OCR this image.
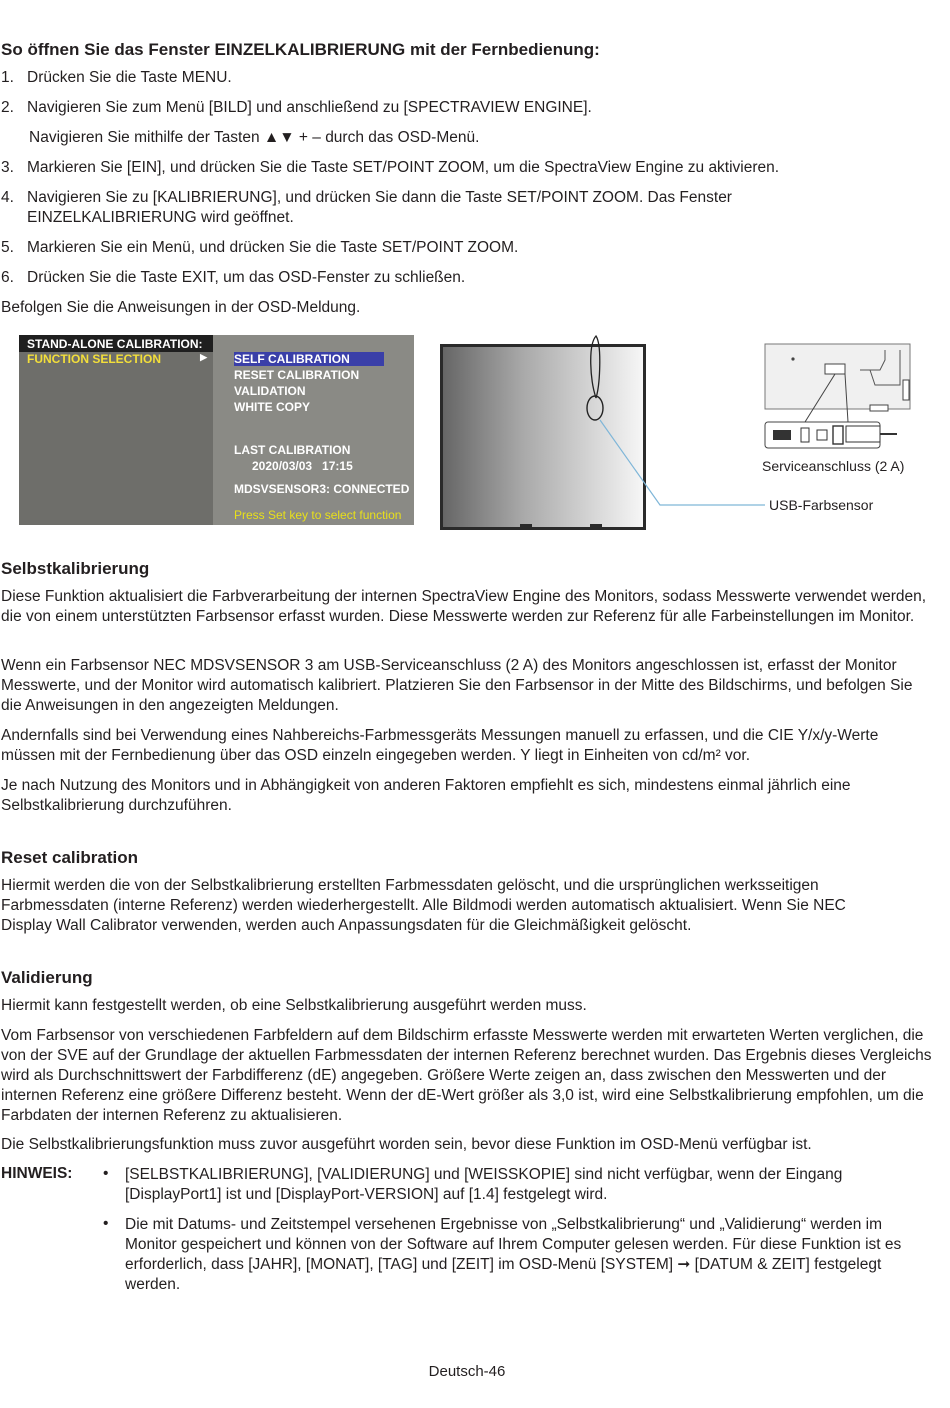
So öffnen Sie das Fenster EINZELKALIBRIERUNG mit der Fernbedienung:
1. Drücken Sie die Taste MENU.
2. Navigieren Sie zum Menü [BILD] und anschließend zu [SPECTRAVIEW ENGINE].
Navigieren Sie mithilfe der Tasten ▲▼ + – durch das OSD-Menü.
3. Markieren Sie [EIN], und drücken Sie die Taste SET/POINT ZOOM, um die SpectraView Engine zu aktivieren.
4. Navigieren Sie zu [KALIBRIERUNG], und drücken Sie dann die Taste SET/POINT ZOOM. Das Fenster EINZELKALIBRIERUNG wird geöffnet.
5. Markieren Sie ein Menü, und drücken Sie die Taste SET/POINT ZOOM.
6. Drücken Sie die Taste EXIT, um das OSD-Fenster zu schließen.

Befolgen Sie die Anweisungen in der OSD-Meldung.

STAND-ALONE CALIBRATION:
FUNCTION SELECTION	▶ SELF CALIBRATION
RESET CALIBRATION
VALIDATION
WHITE COPY
LAST CALIBRATION
2020/03/03   17:15
MDSVSENSOR3: CONNECTED
Press Set key to select function
Serviceanschluss (2 A)
USB-Farbsensor
Selbstkalibrierung

Diese Funktion aktualisiert die Farbverarbeitung der internen SpectraView Engine des Monitors, sodass Messwerte verwendet werden, die von einem unterstützten Farbsensor erfasst wurden. Diese Messwerte werden zur Referenz für alle Farbeinstellungen im Monitor.

Wenn ein Farbsensor NEC MDSVSENSOR 3 am USB-Serviceanschluss (2 A) des Monitors angeschlossen ist, erfasst der Monitor Messwerte, und der Monitor wird automatisch kalibriert. Platzieren Sie den Farbsensor in der Mitte des Bildschirms, und befolgen Sie die Anweisungen in den angezeigten Meldungen.

Andernfalls sind bei Verwendung eines Nahbereichs-Farbmessgeräts Messungen manuell zu erfassen, und die CIE Y/x/y-Werte müssen mit der Fernbedienung über das OSD einzeln eingegeben werden. Y liegt in Einheiten von cd/m² vor.

Je nach Nutzung des Monitors und in Abhängigkeit von anderen Faktoren empfiehlt es sich, mindestens einmal jährlich eine Selbstkalibrierung durchzuführen.

Reset calibration

Hiermit werden die von der Selbstkalibrierung erstellten Farbmessdaten gelöscht, und die ursprünglichen werksseitigen Farbmessdaten (interne Referenz) werden wiederhergestellt. Alle Bildmodi werden automatisch aktualisiert. Wenn Sie NEC Display Wall Calibrator verwenden, werden auch Anpassungsdaten für die Gleichmäßigkeit gelöscht.

Validierung

Hiermit kann festgestellt werden, ob eine Selbstkalibrierung ausgeführt werden muss.

Vom Farbsensor von verschiedenen Farbfeldern auf dem Bildschirm erfasste Messwerte werden mit erwarteten Werten verglichen, die von der SVE auf der Grundlage der aktuellen Farbmessdaten der internen Referenz berechnet wurden. Das Ergebnis dieses Vergleichs wird als Durchschnittswert der Farbdifferenz (dE) angegeben. Größere Werte zeigen an, dass zwischen den Messwerten und der internen Referenz eine größere Differenz besteht. Wenn der dE-Wert größer als 3,0 ist, wird eine Selbstkalibrierung empfohlen, um die Farbdaten der internen Referenz zu aktualisieren.

Die Selbstkalibrierungsfunktion muss zuvor ausgeführt worden sein, bevor diese Funktion im OSD-Menü verfügbar ist.

HINWEIS: • [SELBSTKALIBRIERUNG], [VALIDIERUNG] und [WEISSKOPIE] sind nicht verfügbar, wenn der Eingang [DisplayPort1] ist und [DisplayPort-VERSION] auf [1.4] festgelegt wird.
• Die mit Datums- und Zeitstempel versehenen Ergebnisse von „Selbstkalibrierung“ und „Validierung“ werden im Monitor gespeichert und können von der Software auf Ihrem Computer gelesen werden. Für diese Funktion ist es erforderlich, dass [JAHR], [MONAT], [TAG] und [ZEIT] im OSD-Menü [SYSTEM] ➞ [DATUM & ZEIT] festgelegt werden.
Deutsch-46
